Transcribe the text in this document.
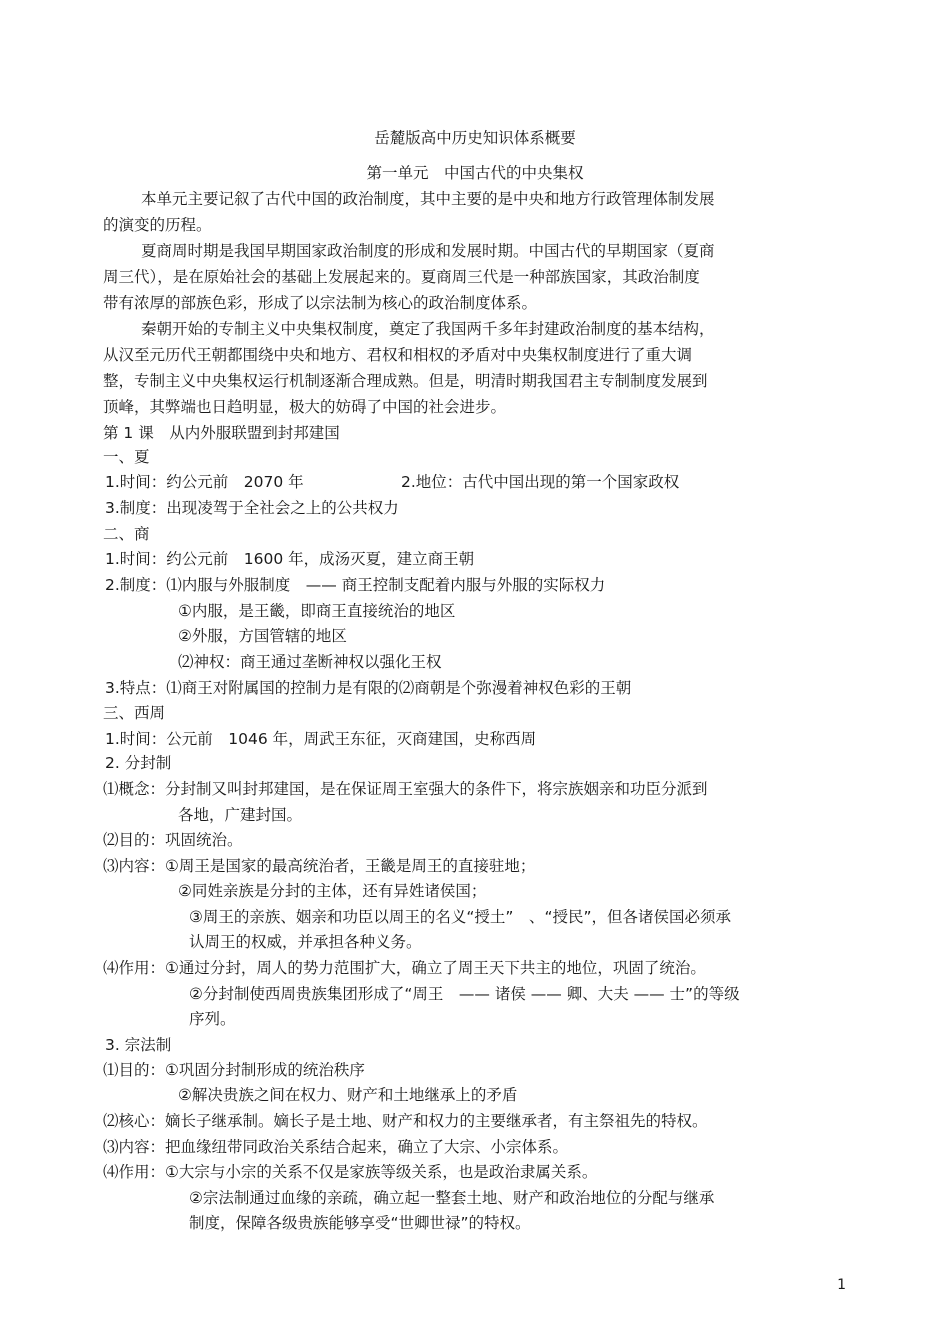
岳麓版高中历史知识体系概要
第一单元　中国古代的中央集权
本单元主要记叙了古代中国的政治制度，其中主要的是中央和地方行政管理体制发展
的演变的历程。
夏商周时期是我国早期国家政治制度的形成和发展时期。中国古代的早期国家（夏商
周三代），是在原始社会的基础上发展起来的。夏商周三代是一种部族国家，其政治制度
带有浓厚的部族色彩，形成了以宗法制为核心的政治制度体系。
秦朝开始的专制主义中央集权制度，奠定了我国两千多年封建政治制度的基本结构，
从汉至元历代王朝都围绕中央和地方、君权和相权的矛盾对中央集权制度进行了重大调
整，专制主义中央集权运行机制逐渐合理成熟。但是，明清时期我国君主专制制度发展到
顶峰，其弊端也日趋明显，极大的妨碍了中国的社会进步。
第 1 课　从内外服联盟到封邦建国
一、夏
1.时间：约公元前　2070 年	2.地位：古代中国出现的第一个国家政权
3.制度：出现凌驾于全社会之上的公共权力
二、商
1.时间：约公元前　1600 年，成汤灭夏，建立商王朝
2.制度：⑴内服与外服制度　—— 商王控制支配着内服与外服的实际权力
①内服，是王畿，即商王直接统治的地区
②外服，方国管辖的地区
⑵神权：商王通过垄断神权以强化王权
3.特点：⑴商王对附属国的控制力是有限的⑵商朝是个弥漫着神权色彩的王朝
三、西周
1.时间：公元前　1046 年，周武王东征，灭商建国，史称西周
2. 分封制
⑴概念：分封制又叫封邦建国，是在保证周王室强大的条件下，将宗族姻亲和功臣分派到
各地，广建封国。
⑵目的：巩固统治。
⑶内容：①周王是国家的最高统治者，王畿是周王的直接驻地；
②同姓亲族是分封的主体，还有异姓诸侯国；
③周王的亲族、姻亲和功臣以周王的名义“授土”　、“授民”，但各诸侯国必须承
认周王的权威，并承担各种义务。
⑷作用：①通过分封，周人的势力范围扩大，确立了周王天下共主的地位，巩固了统治。
②分封制使西周贵族集团形成了“周王　—— 诸侯 —— 卿、大夫 —— 士”的等级
序列。
3. 宗法制
⑴目的：①巩固分封制形成的统治秩序
②解决贵族之间在权力、财产和土地继承上的矛盾
⑵核心：嫡长子继承制。嫡长子是土地、财产和权力的主要继承者，有主祭祖先的特权。
⑶内容：把血缘纽带同政治关系结合起来，确立了大宗、小宗体系。
⑷作用：①大宗与小宗的关系不仅是家族等级关系，也是政治隶属关系。
②宗法制通过血缘的亲疏，确立起一整套土地、财产和政治地位的分配与继承
制度，保障各级贵族能够享受“世卿世禄”的特权。
1
